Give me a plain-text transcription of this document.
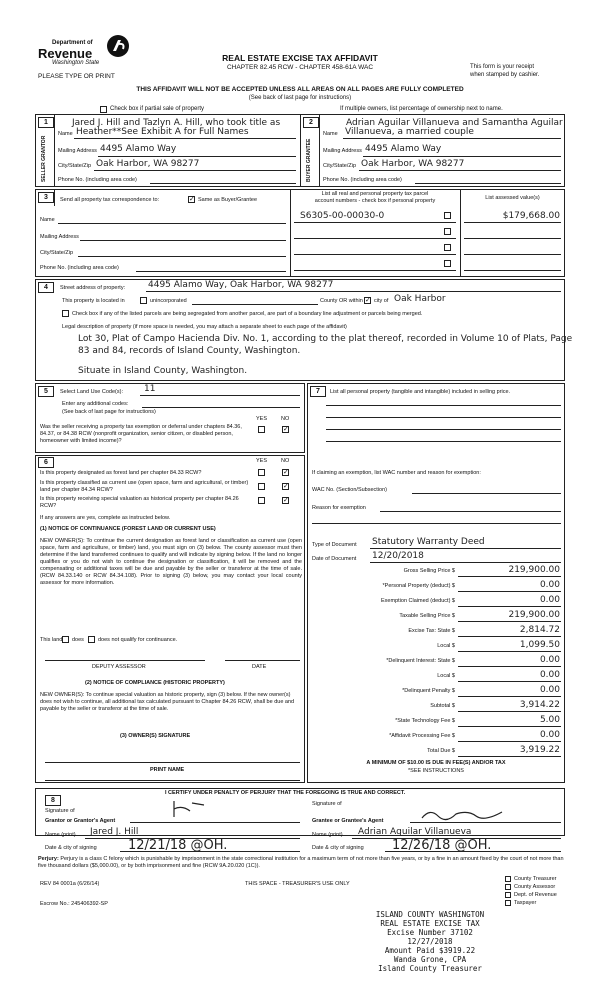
Department of
Revenue
Washington State
PLEASE TYPE OR PRINT
REAL ESTATE EXCISE TAX AFFIDAVIT
CHAPTER 82.45 RCW - CHAPTER 458-61A WAC	This form is your receipt
when stamped by cashier.
THIS AFFIDAVIT WILL NOT BE ACCEPTED UNLESS ALL AREAS ON ALL PAGES ARE FULLY COMPLETED
(See back of last page for instructions)
Check box if partial sale of property	If multiple owners, list percentage of ownership next to name.
1	2
SELLER GRANTOR	BUYER GRANTEE
Jared J. Hill and Tazlyn A. Hill, who took title as
Name Heather**See Exhibit A for Full Names
Mailing Address 4495 Alamo Way
City/State/Zip Oak Harbor, WA 98277
Phone No. (including area code)
Adrian Aguilar Villanueva and Samantha Aguilar
Name Villanueva, a married couple
Mailing Address 4495 Alamo Way
City/State/Zip Oak Harbor, WA 98277
Phone No. (including area code)
3	Send all property tax correspondence to:	✓ Same as Buyer/Grantee
List all real and personal property tax parcel
account numbers - check box if personal property	List assessed value(s)
S6305-00-00030-0	$179,668.00
Name
Mailing Address
City/State/Zip
Phone No. (including area code)
4	Street address of property:	4495 Alamo Way, Oak Harbor, WA 98277
This property is located in	unincorporated	County OR within ✓ city of Oak Harbor
Check box if any of the listed parcels are being segregated from another parcel, are part of a boundary line adjustment or parcels being merged.
Legal description of property (if more space is needed, you may attach a separate sheet to each page of the affidavit)
Lot 30, Plat of Campo Hacienda Div. No. 1, according to the plat thereof, recorded in Volume 10 of Plats, Page
83 and 84, records of Island County, Washington.
Situate in Island County, Washington.
5	Select Land Use Code(s): 11
Enter any additional codes:
(See back of last page for instructions)
YES	NO
Was the seller receiving a property tax exemption or deferral under chapters 84.36, 84.37, or 84.38 RCW (nonprofit organization, senior citizen, or disabled person, homeowner with limited income)?
✓
6	YES	NO
Is this property designated as forest land per chapter 84.33 RCW?	✓
Is this property classified as current use (open space, farm and agricultural, or timber) land per chapter 84.34 RCW?	✓
Is this property receiving special valuation as historical property per chapter 84.26 RCW?
✓
If any answers are yes, complete as instructed below.
(1) NOTICE OF CONTINUANCE (FOREST LAND OR CURRENT USE)
NEW OWNER(S): To continue the current designation as forest land or classification as current use (open space, farm and agriculture, or timber) land, you must sign on (3) below. The county assessor must then determine if the land transferred continues to qualify and will indicate by signing below. If the land no longer qualifies or you do not wish to continue the designation or classification, it will be removed and the compensating or additional taxes will be due and payable by the seller or transferor at the time of sale. (RCW 84.33.140 or RCW 84.34.108). Prior to signing (3) below, you may contact your local county assessor for more information.
This land does	does not qualify for continuance.
DEPUTY ASSESSOR	DATE
(2) NOTICE OF COMPLIANCE (HISTORIC PROPERTY)
NEW OWNER(S): To continue special valuation as historic property, sign (3) below. If the new owner(s) does not wish to continue, all additional tax calculated pursuant to Chapter 84.26 RCW, shall be due and payable by the seller or transferor at the time of sale.
(3) OWNER(S) SIGNATURE
PRINT NAME
7	List all personal property (tangible and intangible) included in selling price.
If claiming an exemption, list WAC number and reason for exemption:
WAC No. (Section/Subsection)
Reason for exemption
Type of Document Statutory Warranty Deed
Date of Document 12/20/2018
Gross Selling Price $	219,900.00
*Personal Property (deduct) $	0.00
Exemption Claimed (deduct) $	0.00
Taxable Selling Price $	219,900.00
Excise Tax: State $	2,814.72
Local $	1,099.50
*Delinquent Interest: State $	0.00
Local $	0.00
*Delinquent Penalty $	0.00
Subtotal $	3,914.22
*State Technology Fee $	5.00
*Affidavit Processing Fee $	0.00
Total Due $	3,919.22
A MINIMUM OF $10.00 IS DUE IN FEE(S) AND/OR TAX
*SEE INSTRUCTIONS
8
I CERTIFY UNDER PENALTY OF PERJURY THAT THE FOREGOING IS TRUE AND CORRECT.
Signature of
Grantor or Grantor's Agent
Name (print) Jared J. Hill
Date & city of signing 12/21/18 @OH.
Signature of
Grantee or Grantee's Agent
Name (print) Adrian Aguilar Villanueva
Date & city of signing 12/26/18 @OH.
Perjury: Perjury is a class C felony which is punishable by imprisonment in the state correctional institution for a maximum term of not more than five years, or by a fine in an amount fixed by the court of not more than five thousand dollars ($5,000.00), or by both imprisonment and fine (RCW 9A.20.020 (1C)).
REV 84 0001a (6/26/14)	THIS SPACE - TREASURER'S USE ONLY
Escrow No.: 245406392-SP
County Treasurer
County Assessor
Dept. of Revenue
Taxpayer
ISLAND COUNTY WASHINGTON
REAL ESTATE EXCISE TAX
Excise Number 37102
12/27/2018
Amount Paid $3919.22
Wanda Grone, CPA
Island County Treasurer
